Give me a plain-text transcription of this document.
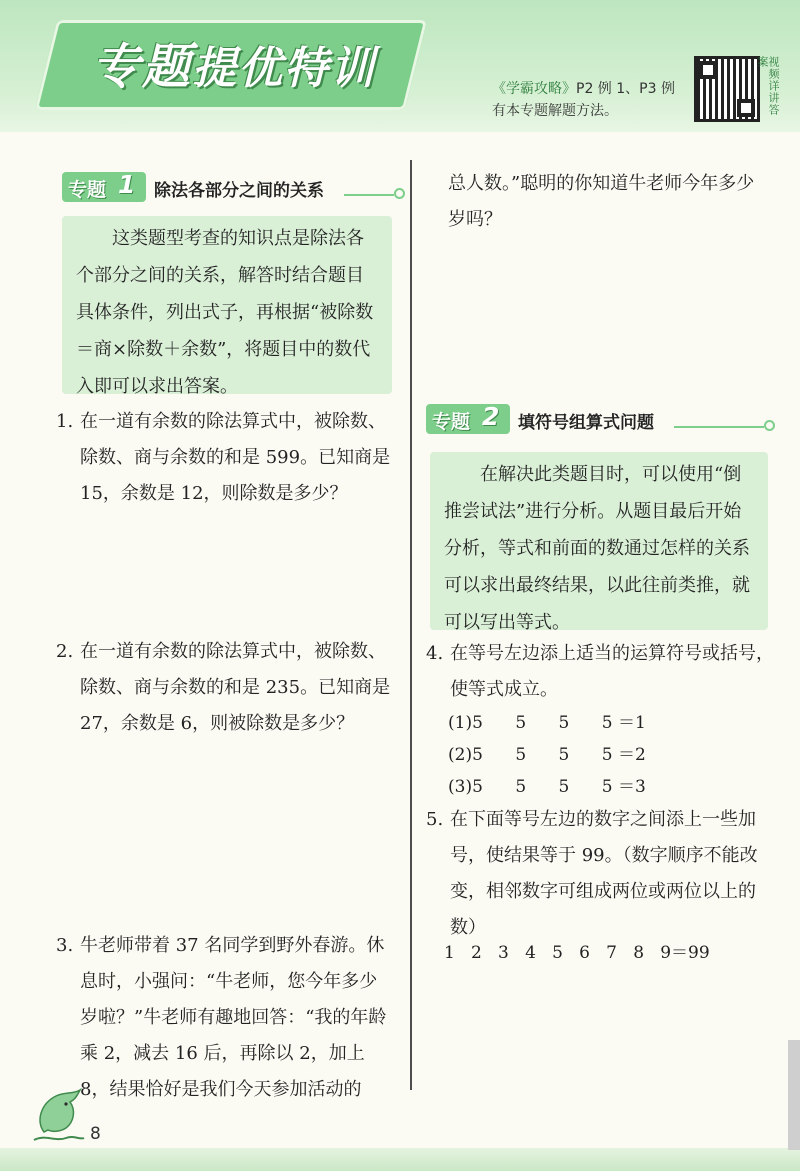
专题提优特训	《学霸攻略》P2 例 1、P3 例
有本专题解题方法。	视频详讲答案
专题 1 除法各部分之间的关系
这类题型考查的知识点是除法各个部分之间的关系，解答时结合题目具体条件，列出式子，再根据“被除数＝商×除数＋余数”，将题目中的数代入即可以求出答案。
1. 在一道有余数的除法算式中，被除数、除数、商与余数的和是 599。已知商是 15，余数是 12，则除数是多少？
2. 在一道有余数的除法算式中，被除数、除数、商与余数的和是 235。已知商是 27，余数是 6，则被除数是多少？
3. 牛老师带着 37 名同学到野外春游。休息时，小强问：“牛老师，您今年多少岁啦？”牛老师有趣地回答：“我的年龄乘 2，减去 16 后，再除以 2，加上 8，结果恰好是我们今天参加活动的
总人数。”聪明的你知道牛老师今年多少岁吗？
专题 2 填符号组算式问题
在解决此类题目时，可以使用“倒推尝试法”进行分析。从题目最后开始分析，等式和前面的数通过怎样的关系可以求出最终结果，以此往前类推，就可以写出等式。
4. 在等号左边添上适当的运算符号或括号，使等式成立。
(1)5      5      5      5 ＝1
(2)5      5      5      5 ＝2
(3)5      5      5      5 ＝3
5. 在下面等号左边的数字之间添上一些加号，使结果等于 99。（数字顺序不能改变，相邻数字可组成两位或两位以上的数）
1   2   3   4   5   6   7   8   9＝99
8
